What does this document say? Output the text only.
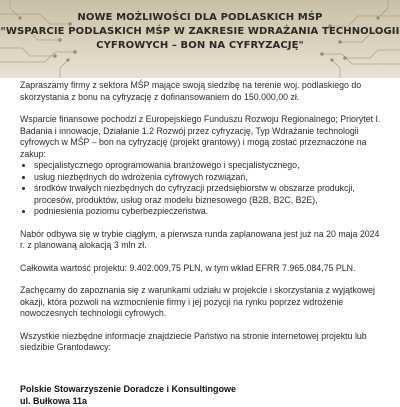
NOWE MOŻLIWOŚCI DLA PODLASKICH MŚP
"WSPARCIE PODLASKICH MŚP W ZAKRESIE WDRAŻANIA TECHNOLOGII
CYFROWYCH – BON NA CYFRYZACJĘ"

Zapraszamy firmy z sektora MŚP mające swoją siedzibę na terenie woj. podlaskiego do skorzystania z bonu na cyfryzację z dofinansowaniem do 150.000,00 zł.

Wsparcie finansowe pochodzi z Europejskiego Funduszu Rozwoju Regionalnego; Priorytet I. Badania i innowacje, Działanie 1.2 Rozwój przez cyfryzację, Typ Wdrażanie technologii cyfrowych w MŚP – bon na cyfryzację (projekt grantowy) i mogą zostać przeznaczone na zakup:

• specjalistycznego oprogramowania branżowego i specjalistycznego,
• usług niezbędnych do wdrożenia cyfrowych rozwiązań,
• środków trwałych niezbędnych do cyfryzacji przedsiębiorstw w obszarze produkcji, procesów, produktów, usług oraz modelu biznesowego (B2B, B2C, B2E),
• podniesienia poziomu cyberbezpieczeństwa.

Nabór odbywa się w trybie ciągłym, a pierwsza runda zaplanowana jest już na 20 maja 2024 r. z planowaną alokacją 3 mln zł.

Całkowita wartość projektu: 9.402.009,75 PLN, w tym wkład EFRR 7.965.084,75 PLN.

Zachęcamy do zapoznania się z warunkami udziału w projekcie i skorzystania z wyjątkowej okazji, która pozwoli na wzmocnienie firmy i jej pozycji na rynku poprzez wdrożenie nowoczesnych technologii cyfrowych.

Wszystkie niezbędne informacje znajdziecie Państwo na stronie internetowej projektu lub siedzibie Grantodawcy:

Polskie Stowarzyszenie Doradcze i Konsultingowe
ul. Bułkowa 11a
